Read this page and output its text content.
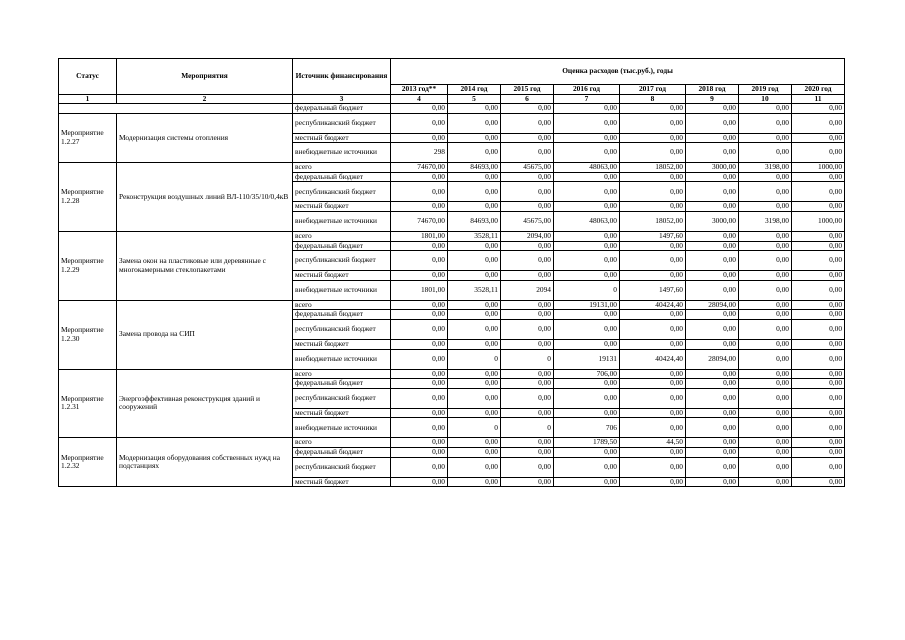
Статус	Мероприятия	Источник финансирования	Оценка расходов (тыс.руб.), годы							
			2013 год**	2014 год	2015 год	2016 год	2017 год	2018 год	2019 год	2020 год
1	2	3	4	5	6	7	8	9	10	11
		федеральный бюджет	0,00	0,00	0,00	0,00	0,00	0,00	0,00	0,00
Мероприятие 1.2.27	Модернизация системы отопления	республиканский бюджет	0,00	0,00	0,00	0,00	0,00	0,00	0,00	0,00
		местный бюджет	0,00	0,00	0,00	0,00	0,00	0,00	0,00	0,00
		внебюджетные источники	298	0,00	0,00	0,00	0,00	0,00	0,00	0,00
Мероприятие 1.2.28	Реконструкция воздушных линий ВЛ-110/35/10/0,4кВ	всего	74670,00	84693,00	45675,00	48063,00	18052,00	3000,00	3198,00	1000,00
		федеральный бюджет	0,00	0,00	0,00	0,00	0,00	0,00	0,00	0,00
		республиканский бюджет	0,00	0,00	0,00	0,00	0,00	0,00	0,00	0,00
		местный бюджет	0,00	0,00	0,00	0,00	0,00	0,00	0,00	0,00
		внебюджетные источники	74670,00	84693,00	45675,00	48063,00	18052,00	3000,00	3198,00	1000,00
Мероприятие 1.2.29	Замена окон на пластиковые или деревянные с многокамерными стеклопакетами	всего	1801,00	3528,11	2094,00	0,00	1497,60	0,00	0,00	0,00
		федеральный бюджет	0,00	0,00	0,00	0,00	0,00	0,00	0,00	0,00
		республиканский бюджет	0,00	0,00	0,00	0,00	0,00	0,00	0,00	0,00
		местный бюджет	0,00	0,00	0,00	0,00	0,00	0,00	0,00	0,00
		внебюджетные источники	1801,00	3528,11	2094	0	1497,60	0,00	0,00	0,00
Мероприятие 1.2.30	Замена провода на СИП	всего	0,00	0,00	0,00	19131,00	40424,40	28094,00	0,00	0,00
		федеральный бюджет	0,00	0,00	0,00	0,00	0,00	0,00	0,00	0,00
		республиканский бюджет	0,00	0,00	0,00	0,00	0,00	0,00	0,00	0,00
		местный бюджет	0,00	0,00	0,00	0,00	0,00	0,00	0,00	0,00
		внебюджетные источники	0,00	0	0	19131	40424,40	28094,00	0,00	0,00
Мероприятие 1.2.31	Энергоэффективная реконструкция зданий и сооружений	всего	0,00	0,00	0,00	706,00	0,00	0,00	0,00	0,00
		федеральный бюджет	0,00	0,00	0,00	0,00	0,00	0,00	0,00	0,00
		республиканский бюджет	0,00	0,00	0,00	0,00	0,00	0,00	0,00	0,00
		местный бюджет	0,00	0,00	0,00	0,00	0,00	0,00	0,00	0,00
		внебюджетные источники	0,00	0	0	706	0,00	0,00	0,00	0,00
Мероприятие 1.2.32	Модернизация оборудования собственных нужд на подстанциях	всего	0,00	0,00	0,00	1789,50	44,50	0,00	0,00	0,00
		федеральный бюджет	0,00	0,00	0,00	0,00	0,00	0,00	0,00	0,00
		республиканский бюджет	0,00	0,00	0,00	0,00	0,00	0,00	0,00	0,00
		местный бюджет	0,00	0,00	0,00	0,00	0,00	0,00	0,00	0,00
